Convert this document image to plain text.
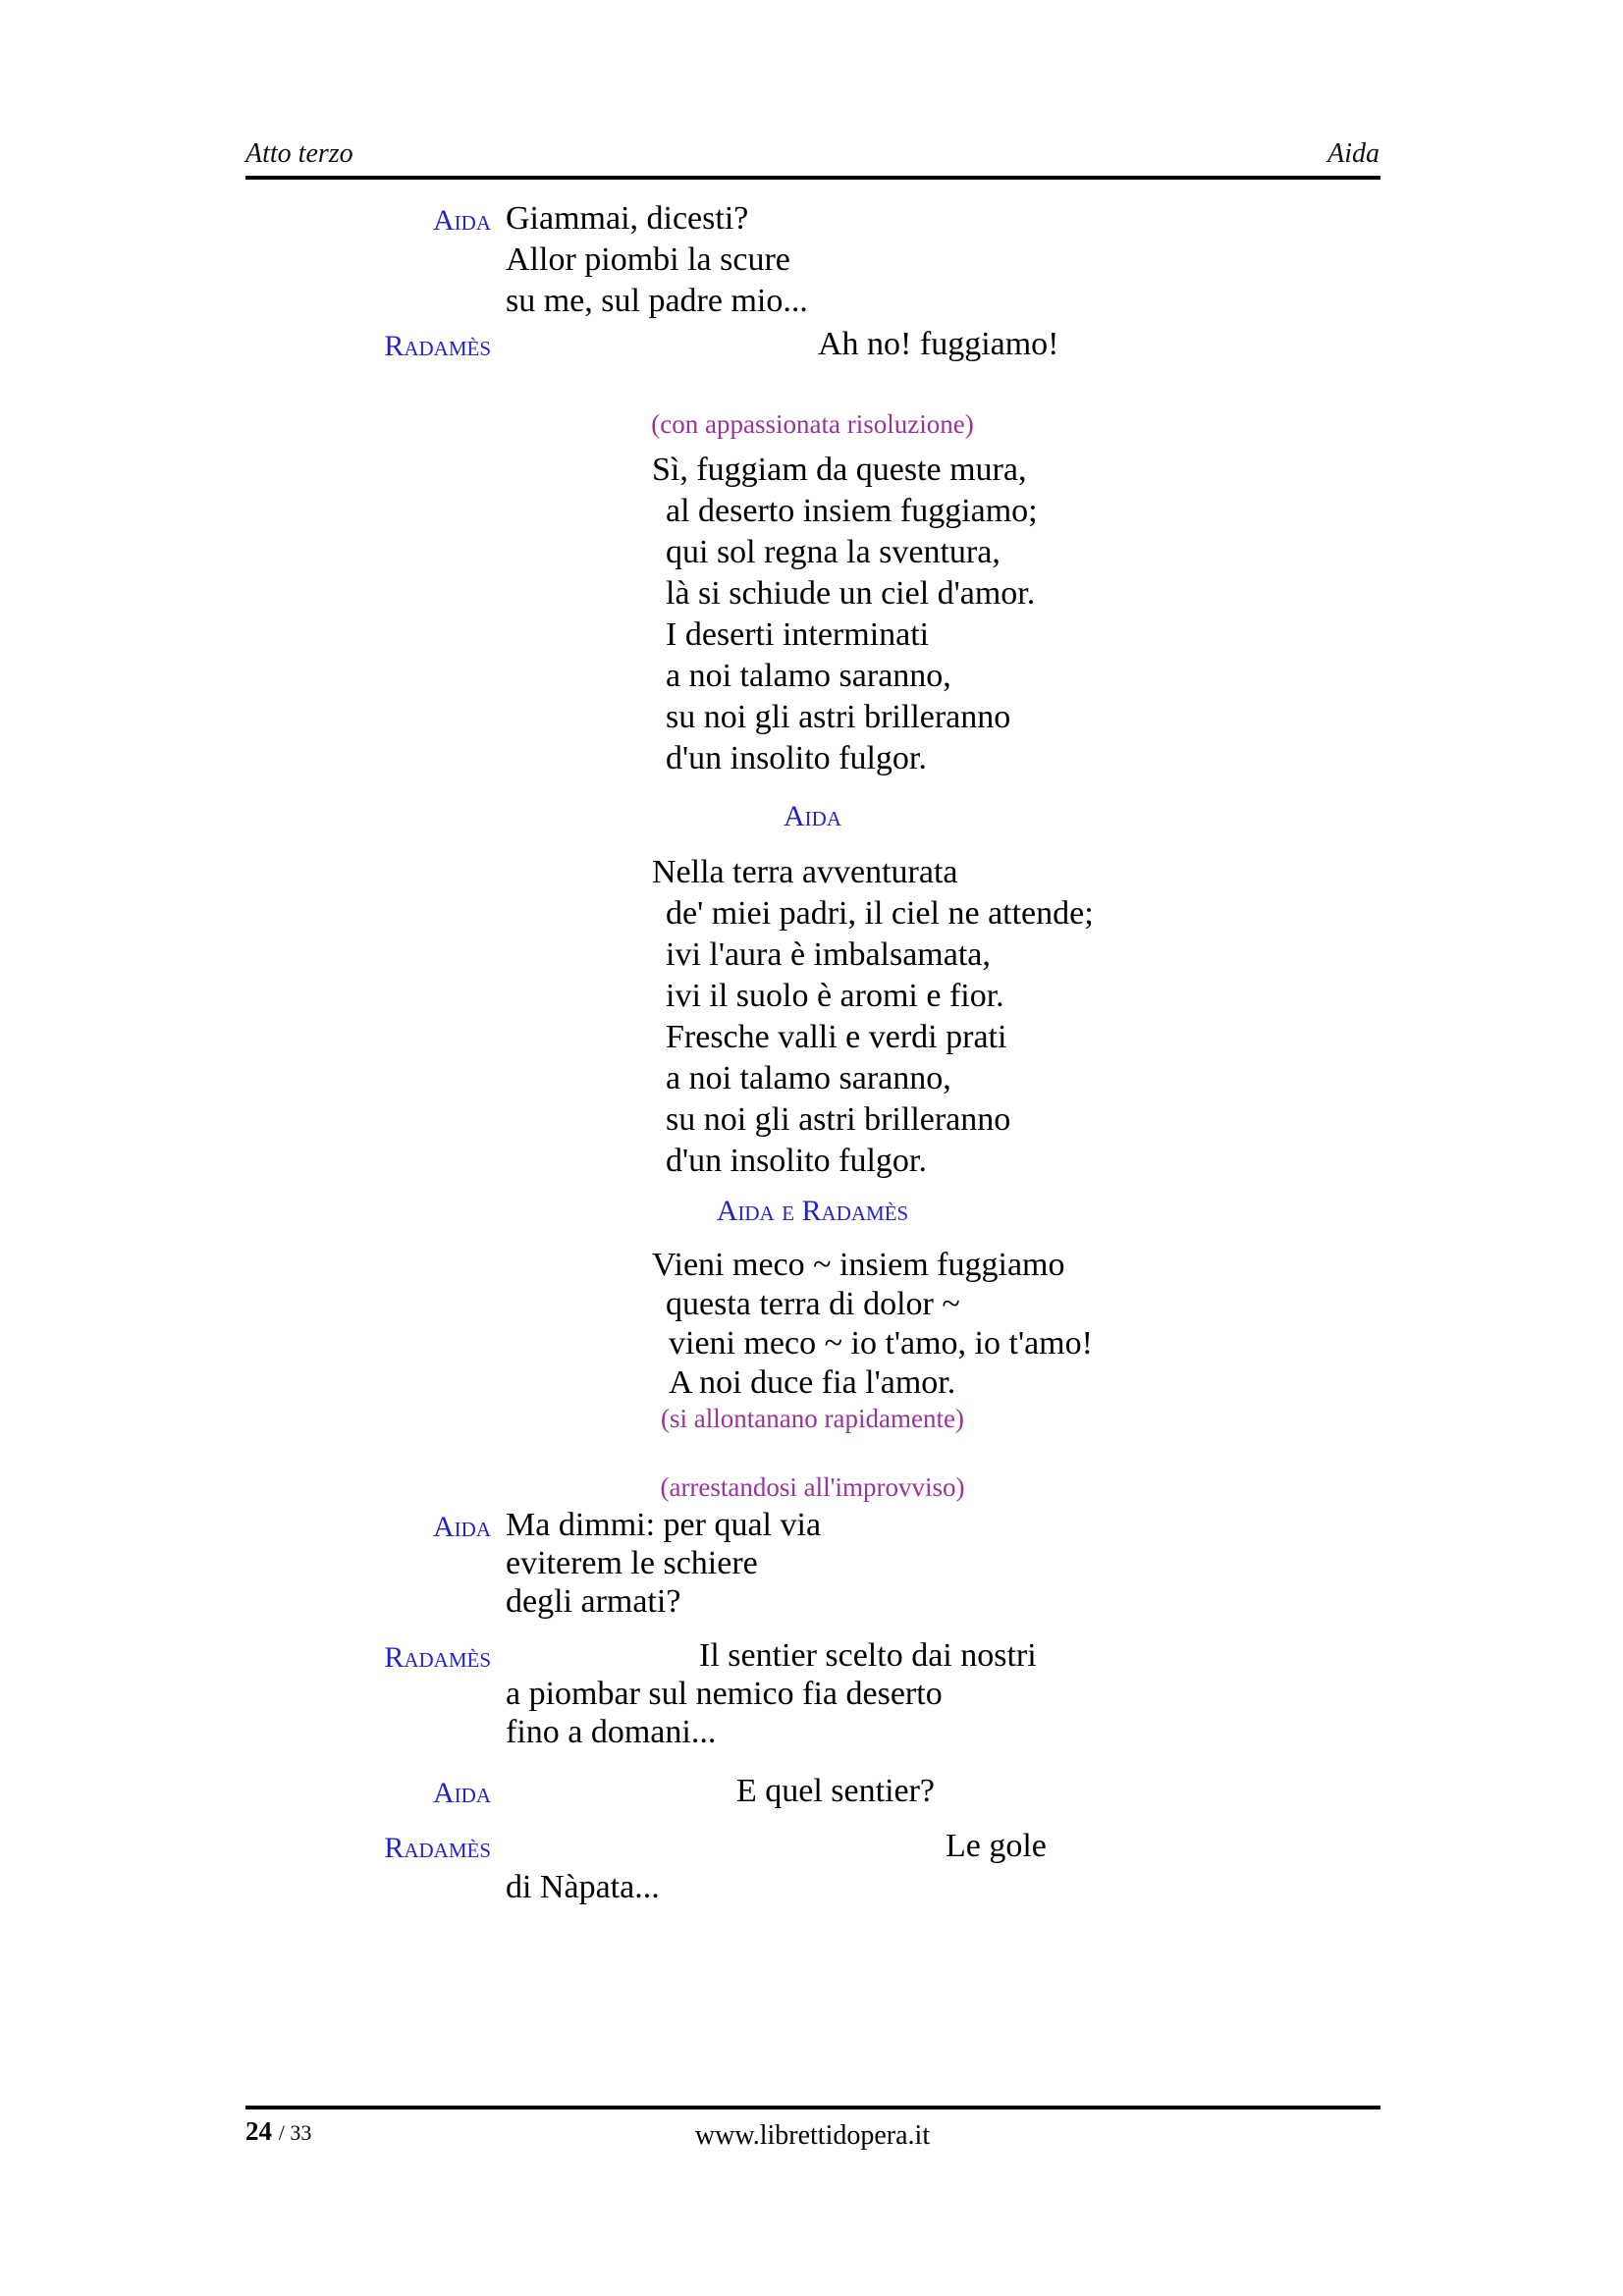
Atto terzo	Aida
Aida Giammai, dicesti?
Allor piombi la scure
su me, sul padre mio...
Radamès	Ah no! fuggiamo!
(con appassionata risoluzione)
Sì, fuggiam da queste mura,
al deserto insiem fuggiamo;
qui sol regna la sventura,
là si schiude un ciel d'amor.
I deserti interminati
a noi talamo saranno,
su noi gli astri brilleranno
d'un insolito fulgor.
Aida
Nella terra avventurata
de' miei padri, il ciel ne attende;
ivi l'aura è imbalsamata,
ivi il suolo è aromi e fior.
Fresche valli e verdi prati
a noi talamo saranno,
su noi gli astri brilleranno
d'un insolito fulgor.
Aida e Radamès
Vieni meco ~ insiem fuggiamo
questa terra di dolor ~
vieni meco ~ io t'amo, io t'amo!
A noi duce fia l'amor.
(si allontanano rapidamente)
(arrestandosi all'improvviso)
Aida Ma dimmi: per qual via
eviterem le schiere
degli armati?
Radamès	Il sentier scelto dai nostri
a piombar sul nemico fia deserto
fino a domani...
Aida	E quel sentier?
Radamès	Le gole
di Nàpata...
24 / 33	www.librettidopera.it
